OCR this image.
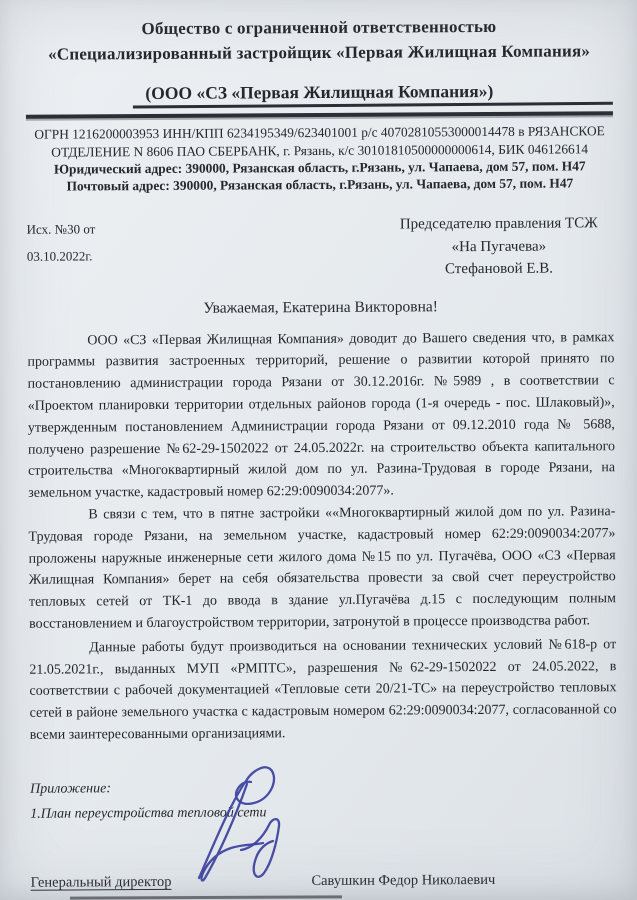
Общество с ограниченной ответственностью
«Специализированный застройщик «Первая Жилищная Компания»
(ООО «СЗ «Первая Жилищная Компания»)
ОГРН 1216200003953 ИНН/КПП 6234195349/623401001 р/с 40702810553000014478 в РЯЗАНСКОЕ ОТДЕЛЕНИЕ N 8606 ПАО СБЕРБАНК, г. Рязань, к/с 30101810500000000614, БИК 046126614
Юридический адрес: 390000, Рязанская область, г.Рязань, ул. Чапаева, дом 57, пом. Н47
Почтовый адрес: 390000, Рязанская область, г.Рязань, ул. Чапаева, дом 57, пом. Н47
Исх. №30 от
03.10.2022г.
Председателю правления ТСЖ
«На Пугачева»
Стефановой Е.В.
Уважаемая, Екатерина Викторовна!

ООО «СЗ «Первая Жилищная Компания» доводит до Вашего сведения что, в рамках программы развития застроенных территорий, решение о развитии которой принято по постановлению администрации города Рязани от 30.12.2016г. №5989 , в соответствии с «Проектом планировки территории отдельных районов города (1-я очередь - пос. Шлаковый)», утвержденным постановлением Администрации города Рязани от 09.12.2010 года № 5688, получено разрешение №62-29-1502022 от 24.05.2022г. на строительство объекта капитального строительства «Многоквартирный жилой дом по ул. Разина-Трудовая в городе Рязани, на земельном участке, кадастровый номер 62:29:0090034:2077».

В связи с тем, что в пятне застройки ««Многоквартирный жилой дом по ул. Разина-Трудовая городе Рязани, на земельном участке, кадастровый номер 62:29:0090034:2077» проложены наружные инженерные сети жилого дома №15 по ул. Пугачёва, ООО «СЗ «Первая Жилищная Компания» берет на себя обязательства провести за свой счет переустройство тепловых сетей от ТК-1 до ввода в здание ул.Пугачёва д.15 с последующим полным восстановлением и благоустройством территории, затронутой в процессе производства работ.

Данные работы будут производиться на основании технических условий №618-р от 21.05.2021г., выданных МУП «РМПТС», разрешения №62-29-1502022 от 24.05.2022, в соответствии с рабочей документацией «Тепловые сети 20/21-ТС» на переустройство тепловых сетей в районе земельного участка с кадастровым номером 62:29:0090034:2077, согласованной со всеми заинтересованными организациями.

Приложение:
1.План переустройства тепловой сети
Генеральный директор	Савушкин Федор Николаевич
